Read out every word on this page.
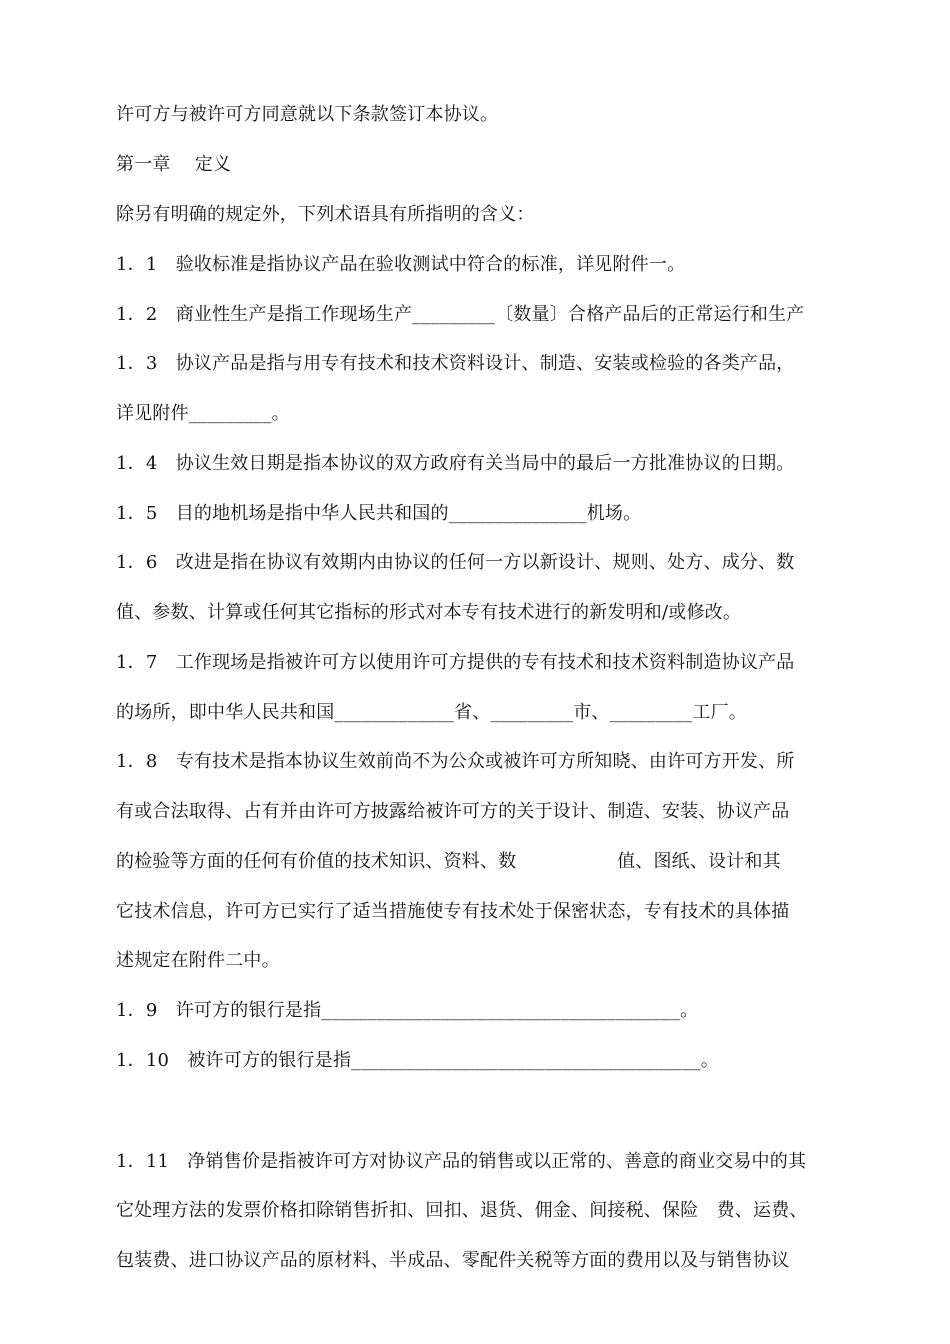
许可方与被许可方同意就以下条款签订本协议。
第一章　 定义
除另有明确的规定外，下列术语具有所指明的含义：
1．1　验收标准是指协议产品在验收测试中符合的标准，详见附件一。
1．2　商业性生产是指工作现场生产_________〔数量〕合格产品后的正常运行和生产
1．3　协议产品是指与用专有技术和技术资料设计、制造、安装或检验的各类产品，
详见附件_________。
1．4　协议生效日期是指本协议的双方政府有关当局中的最后一方批准协议的日期。
1．5　目的地机场是指中华人民共和国的_______________机场。
1．6　改进是指在协议有效期内由协议的任何一方以新设计、规则、处方、成分、数
值、参数、计算或任何其它指标的形式对本专有技术进行的新发明和/或修改。
1．7　工作现场是指被许可方以使用许可方提供的专有技术和技术资料制造协议产品
的场所，即中华人民共和国_____________省、_________市、_________工厂。
1．8　专有技术是指本协议生效前尚不为公众或被许可方所知晓、由许可方开发、所
有或合法取得、占有并由许可方披露给被许可方的关于设计、制造、安装、协议产品
的检验等方面的任何有价值的技术知识、资料、数                 值、图纸、设计和其
它技术信息，许可方已实行了适当措施使专有技术处于保密状态，专有技术的具体描
述规定在附件二中。
1．9　许可方的银行是指_______________________________________。
1．10　被许可方的银行是指______________________________________。
1．11　净销售价是指被许可方对协议产品的销售或以正常的、善意的商业交易中的其
它处理方法的发票价格扣除销售折扣、回扣、退货、佣金、间接税、保险　费、运费、
包装费、进口协议产品的原材料、半成品、零配件关税等方面的费用以及与销售协议
